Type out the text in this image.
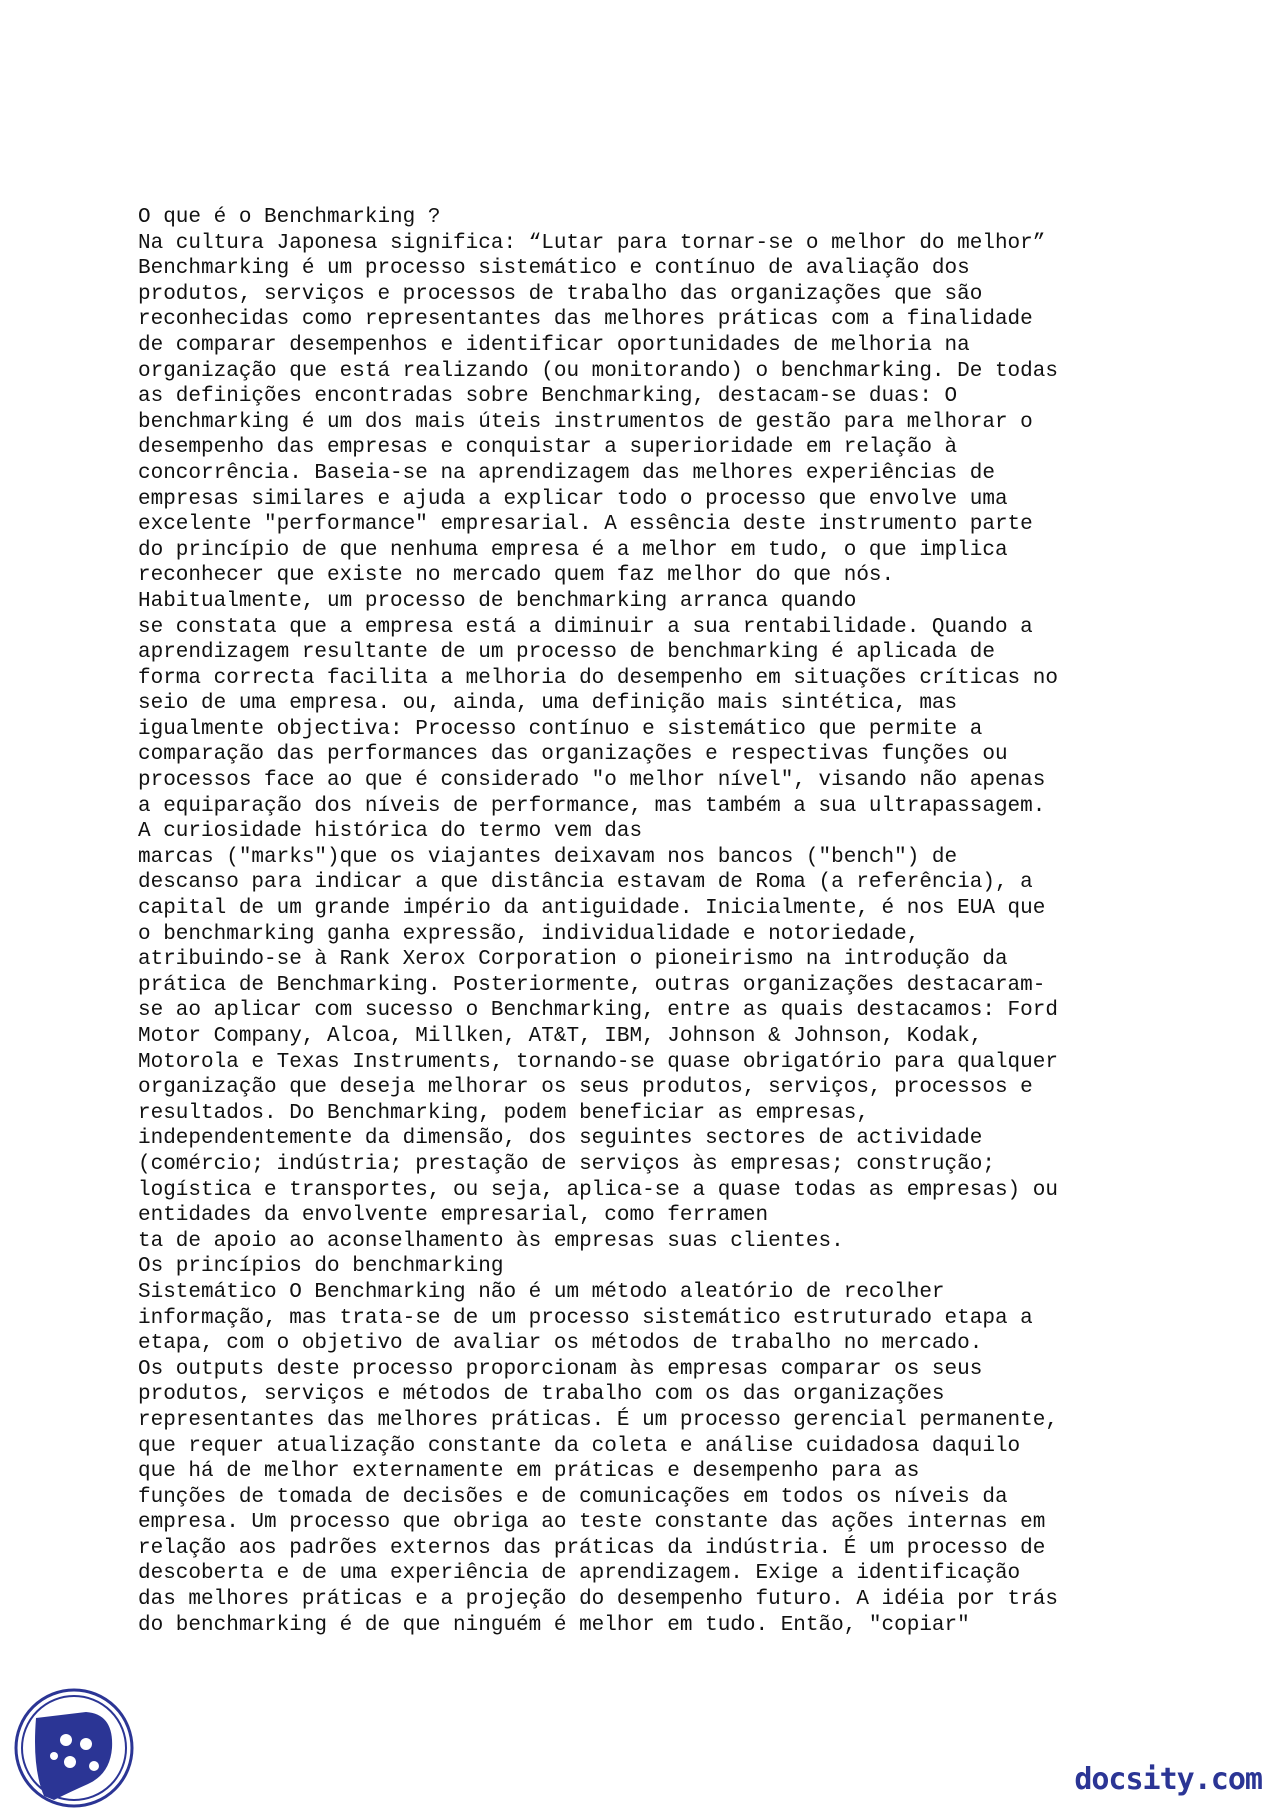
O que é o Benchmarking ?
Na cultura Japonesa significa: “Lutar para tornar-se o melhor do melhor”
Benchmarking é um processo sistemático e contínuo de avaliação dos
produtos, serviços e processos de trabalho das organizações que são
reconhecidas como representantes das melhores práticas com a finalidade
de comparar desempenhos e identificar oportunidades de melhoria na
organização que está realizando (ou monitorando) o benchmarking. De todas
as definições encontradas sobre Benchmarking, destacam-se duas: O
benchmarking é um dos mais úteis instrumentos de gestão para melhorar o
desempenho das empresas e conquistar a superioridade em relação à
concorrência. Baseia-se na aprendizagem das melhores experiências de
empresas similares e ajuda a explicar todo o processo que envolve uma
excelente "performance" empresarial. A essência deste instrumento parte
do princípio de que nenhuma empresa é a melhor em tudo, o que implica
reconhecer que existe no mercado quem faz melhor do que nós.
Habitualmente, um processo de benchmarking arranca quando
se constata que a empresa está a diminuir a sua rentabilidade. Quando a
aprendizagem resultante de um processo de benchmarking é aplicada de
forma correcta facilita a melhoria do desempenho em situações críticas no
seio de uma empresa. ou, ainda, uma definição mais sintética, mas
igualmente objectiva: Processo contínuo e sistemático que permite a
comparação das performances das organizações e respectivas funções ou
processos face ao que é considerado "o melhor nível", visando não apenas
a equiparação dos níveis de performance, mas também a sua ultrapassagem.
A curiosidade histórica do termo vem das
marcas ("marks")que os viajantes deixavam nos bancos ("bench") de
descanso para indicar a que distância estavam de Roma (a referência), a
capital de um grande império da antiguidade. Inicialmente, é nos EUA que
o benchmarking ganha expressão, individualidade e notoriedade,
atribuindo-se à Rank Xerox Corporation o pioneirismo na introdução da
prática de Benchmarking. Posteriormente, outras organizações destacaram-
se ao aplicar com sucesso o Benchmarking, entre as quais destacamos: Ford
Motor Company, Alcoa, Millken, AT&T, IBM, Johnson & Johnson, Kodak,
Motorola e Texas Instruments, tornando-se quase obrigatório para qualquer
organização que deseja melhorar os seus produtos, serviços, processos e
resultados. Do Benchmarking, podem beneficiar as empresas,
independentemente da dimensão, dos seguintes sectores de actividade
(comércio; indústria; prestação de serviços às empresas; construção;
logística e transportes, ou seja, aplica-se a quase todas as empresas) ou
entidades da envolvente empresarial, como ferramen
ta de apoio ao aconselhamento às empresas suas clientes.
Os princípios do benchmarking
Sistemático O Benchmarking não é um método aleatório de recolher
informação, mas trata-se de um processo sistemático estruturado etapa a
etapa, com o objetivo de avaliar os métodos de trabalho no mercado.
Os outputs deste processo proporcionam às empresas comparar os seus
produtos, serviços e métodos de trabalho com os das organizações
representantes das melhores práticas. É um processo gerencial permanente,
que requer atualização constante da coleta e análise cuidadosa daquilo
que há de melhor externamente em práticas e desempenho para as
funções de tomada de decisões e de comunicações em todos os níveis da
empresa. Um processo que obriga ao teste constante das ações internas em
relação aos padrões externos das práticas da indústria. É um processo de
descoberta e de uma experiência de aprendizagem. Exige a identificação
das melhores práticas e a projeção do desempenho futuro. A idéia por trás
do benchmarking é de que ninguém é melhor em tudo. Então, "copiar"
docsity.com
